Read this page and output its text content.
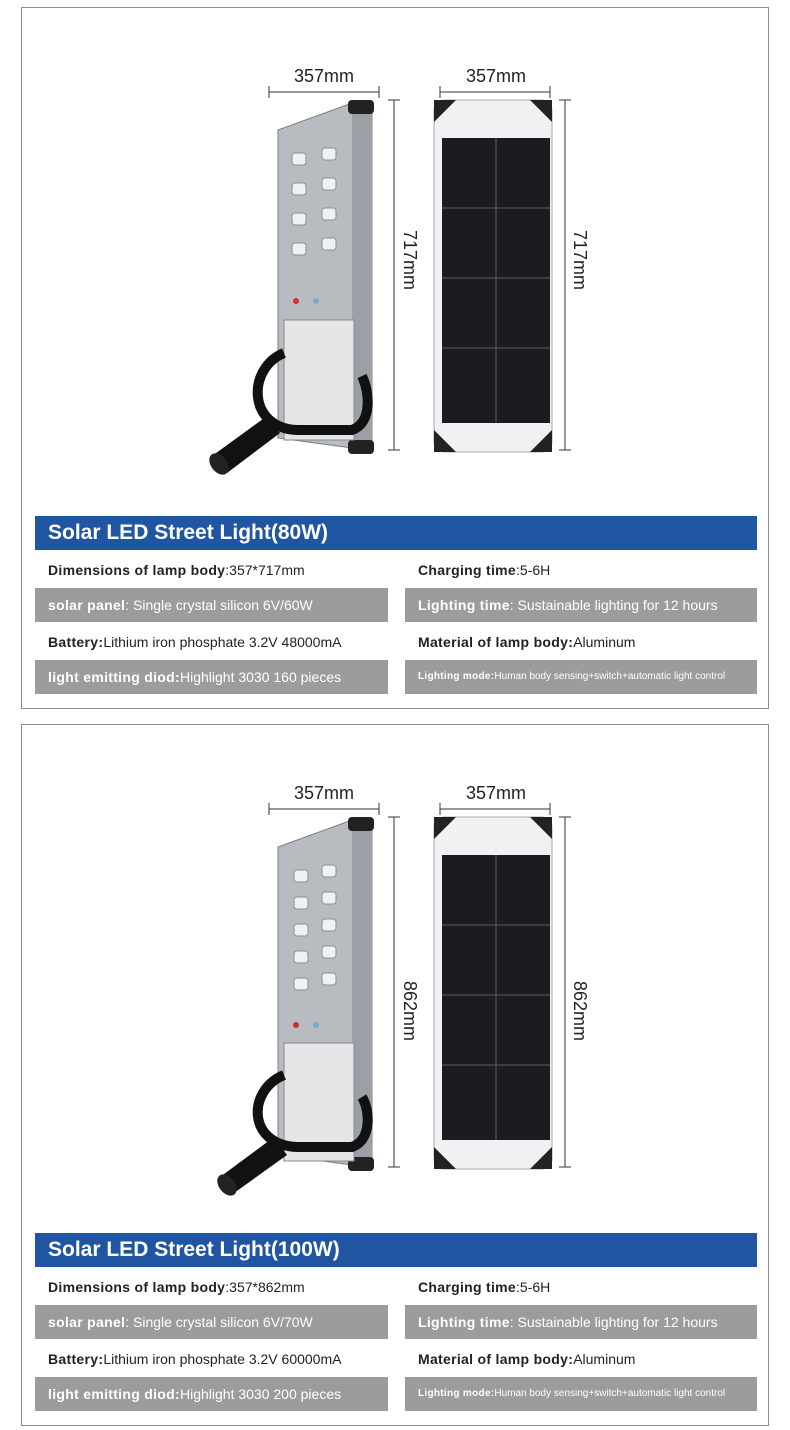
357mm	357mm
717mm	717mm
Solar LED Street Light(80W)
Dimensions of lamp body:357*717mm	Charging time:5-6H
solar panel: Single crystal silicon 6V/60W	Lighting time: Sustainable lighting for 12 hours
Battery:Lithium iron phosphate 3.2V 48000mA	Material of lamp body:Aluminum
light emitting diod:Highlight 3030 160 pieces	Lighting mode:Human body sensing+switch+automatic light control
357mm	357mm
862mm	862mm
Solar LED Street Light(100W)
Dimensions of lamp body:357*862mm	Charging time:5-6H
solar panel: Single crystal silicon 6V/70W	Lighting time: Sustainable lighting for 12 hours
Battery:Lithium iron phosphate 3.2V 60000mA	Material of lamp body:Aluminum
light emitting diod:Highlight 3030 200 pieces	Lighting mode:Human body sensing+switch+automatic light control
